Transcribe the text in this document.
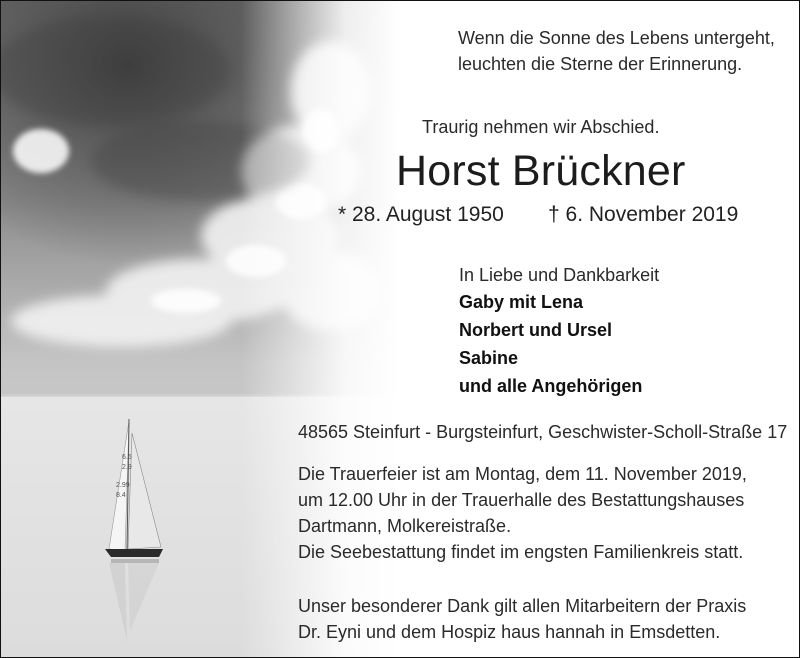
Wenn die Sonne des Lebens untergeht,
leuchten die Sterne der Erinnerung.
Traurig nehmen wir Abschied.
Horst Brückner
* 28. August 1950 † 6. November 2019
In Liebe und Dankbarkeit
Gaby mit Lena
Norbert und Ursel
Sabine
und alle Angehörigen
48565 Steinfurt - Burgsteinfurt, Geschwister-Scholl-Straße 17
Die Trauerfeier ist am Montag, dem 11. November 2019,
um 12.00 Uhr in der Trauerhalle des Bestattungshauses
Dartmann, Molkereistraße.
Die Seebestattung findet im engsten Familienkreis statt.
Unser besonderer Dank gilt allen Mitarbeitern der Praxis
Dr. Eyni und dem Hospiz haus hannah in Emsdetten.
